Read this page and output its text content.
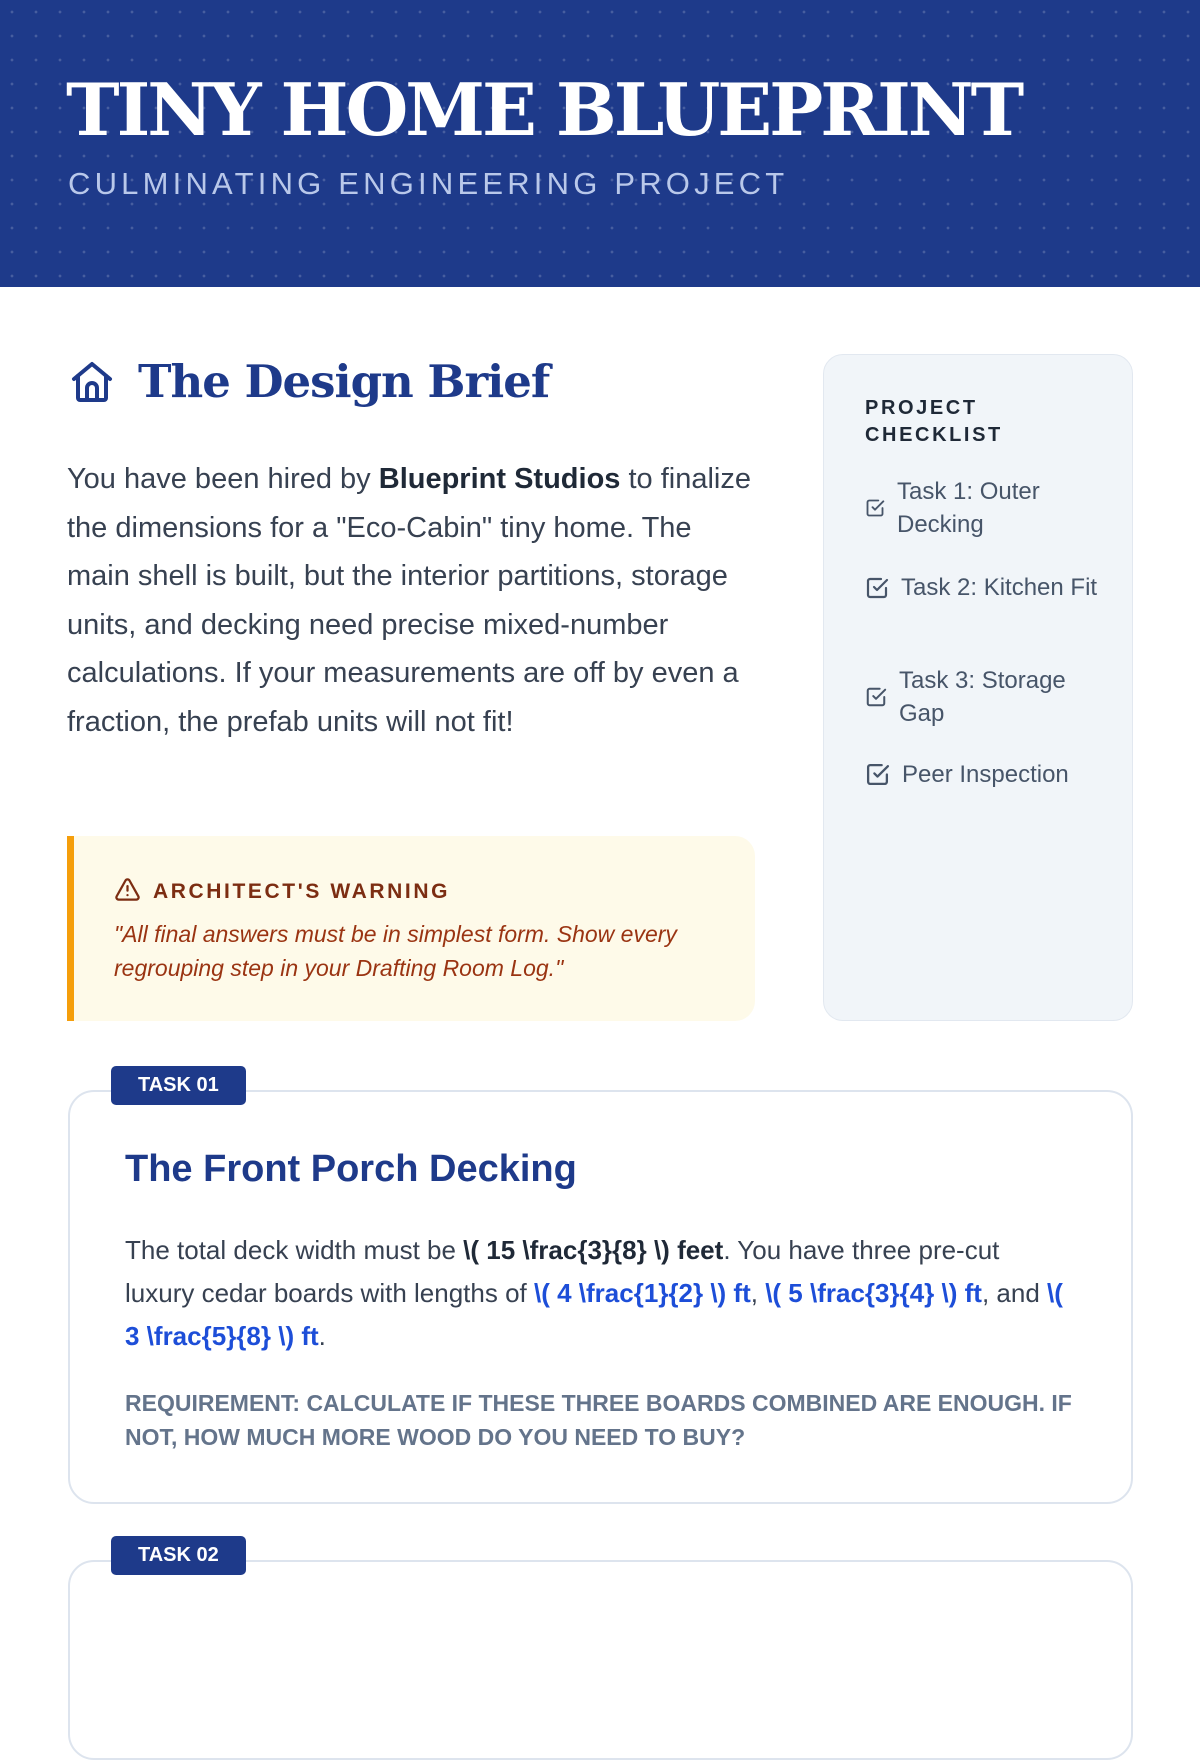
TINY HOME BLUEPRINT
CULMINATING ENGINEERING PROJECT
The Design Brief

You have been hired by Blueprint Studios to finalize the dimensions for a "Eco-Cabin" tiny home. The main shell is built, but the interior partitions, storage units, and decking need precise mixed-number calculations. If your measurements are off by even a fraction, the prefab units will not fit!

ARCHITECT'S WARNING
"All final answers must be in simplest form. Show every regrouping step in your Drafting Room Log."
PROJECT CHECKLIST
Task 1: Outer Decking
Task 2: Kitchen Fit
Task 3: Storage Gap
Peer Inspection
The Front Porch Decking

The total deck width must be \( 15 \frac{3}{8} \) feet. You have three pre-cut luxury cedar boards with lengths of \( 4 \frac{1}{2} \) ft, \( 5 \frac{3}{4} \) ft, and \( 3 \frac{5}{8} \) ft.

REQUIREMENT: CALCULATE IF THESE THREE BOARDS COMBINED ARE ENOUGH. IF NOT, HOW MUCH MORE WOOD DO YOU NEED TO BUY?

TASK 01
TASK 02
